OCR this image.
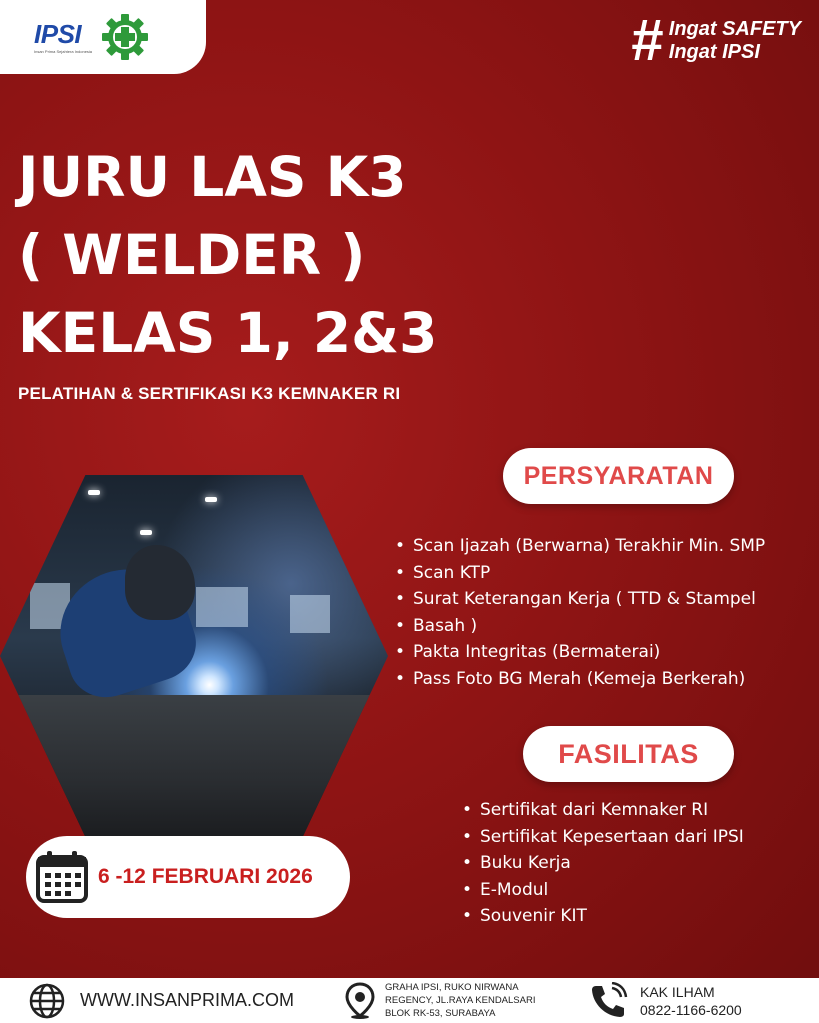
IPSI
Insan Prima Sejahtera Indonesia	# Ingat SAFETY
Ingat IPSI
JURU LAS K3
( WELDER )
KELAS 1, 2&3
PELATIHAN & SERTIFIKASI K3 KEMNAKER RI
PERSYARATAN
• Scan Ijazah (Berwarna) Terakhir Min. SMP
• Scan KTP
• Surat Keterangan Kerja ( TTD & Stampel
• Basah )
• Pakta Integritas (Bermaterai)
• Pass Foto BG Merah (Kemeja Berkerah)
FASILITAS
• Sertifikat dari Kemnaker RI
• Sertifikat Kepesertaan dari IPSI
• Buku Kerja
• E-Modul
• Souvenir KIT
6 -12 FEBRUARI 2026
WWW.INSANPRIMA.COM
GRAHA IPSI, RUKO NIRWANA
REGENCY, JL.RAYA KENDALSARI
BLOK RK-53, SURABAYA
KAK ILHAM
0822-1166-6200
